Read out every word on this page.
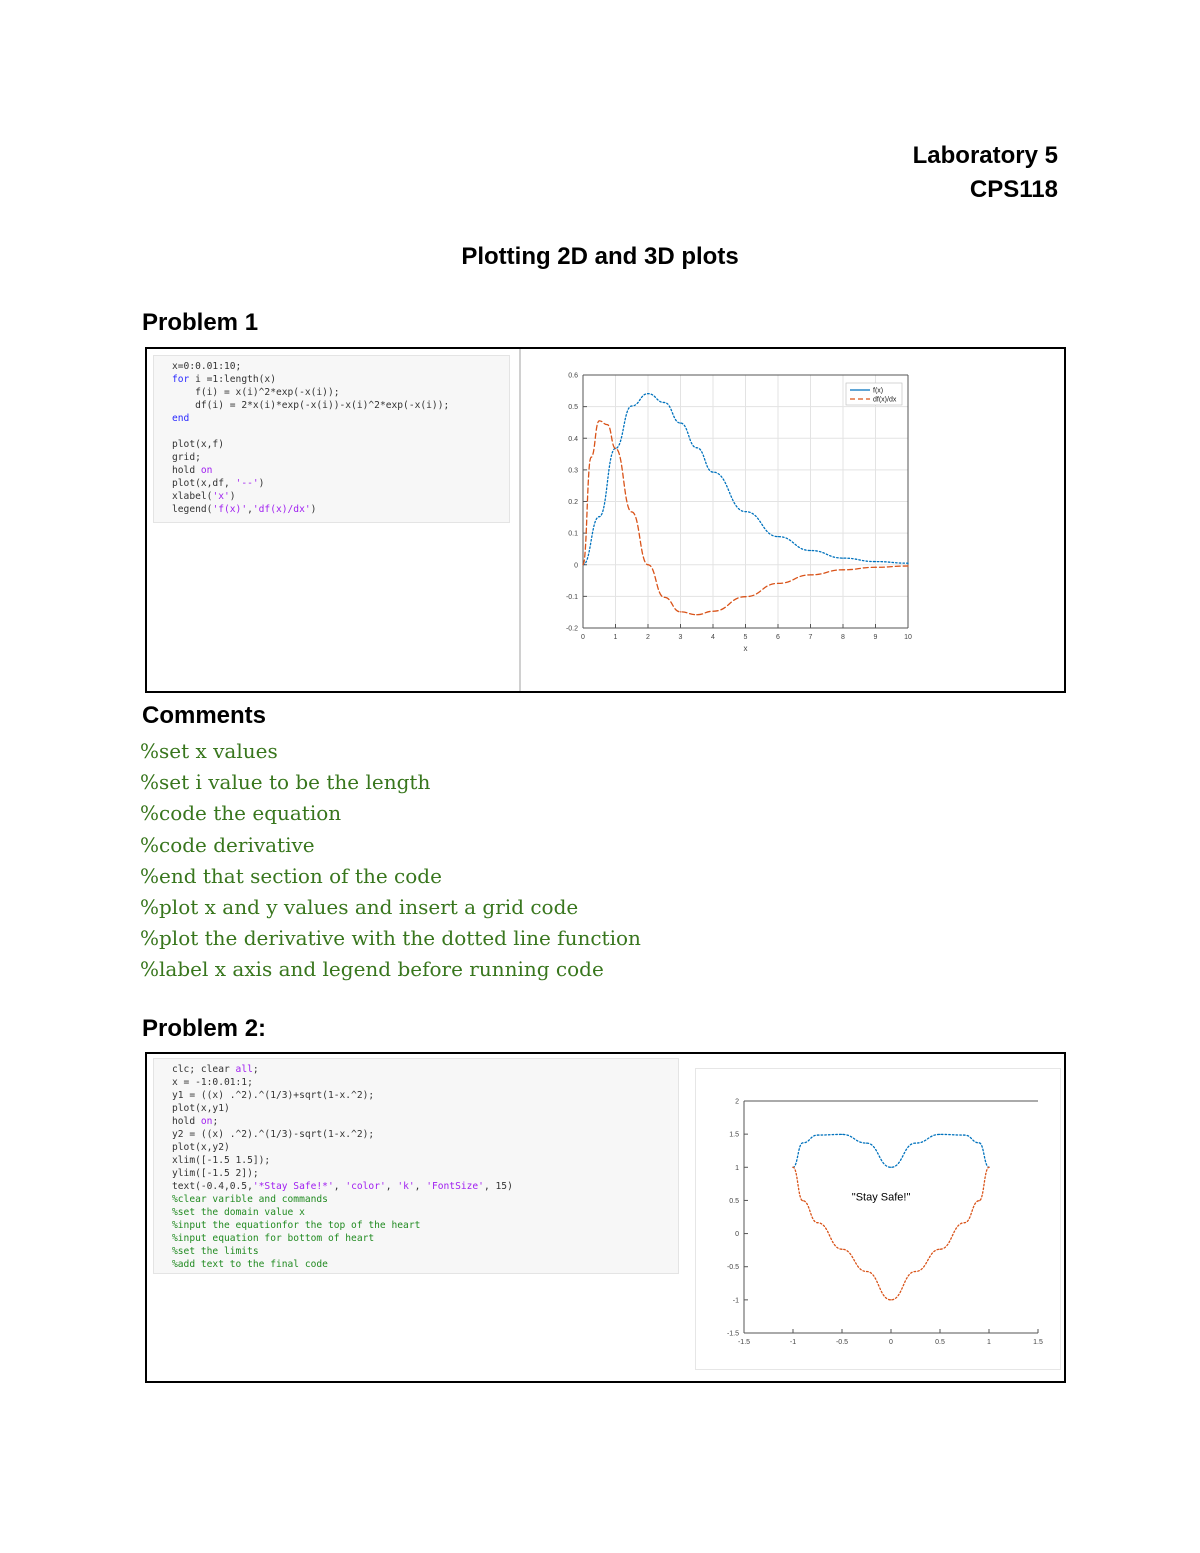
Laboratory 5
CPS118
Plotting 2D and 3D plots
Problem 1
x=0:0.01:10;
for i =1:length(x)
f(i) = x(i)^2*exp(-x(i));
df(i) = 2*x(i)*exp(-x(i))-x(i)^2*exp(-x(i));
end
plot(x,f)
grid;
hold on
plot(x,df, '--')
xlabel('x')
legend('f(x)','df(x)/dx')
0	1	2	3	4	5	6	7	8	9	10
-0.2
-0.1
0
0.1
0.2
0.3
0.4
0.5
0.6
x
f(x)
df(x)/dx
Comments
%set x values
%set i value to be the length
%code the equation
%code derivative
%end that section of the code
%plot x and y values and insert a grid code
%plot the derivative with the dotted line function
%label x axis and legend before running code
Problem 2:
clc; clear all;
x = -1:0.01:1;
y1 = ((x) .^2).^(1/3)+sqrt(1-x.^2);
plot(x,y1)
hold on;
y2 = ((x) .^2).^(1/3)-sqrt(1-x.^2);
plot(x,y2)
xlim([-1.5 1.5]);
ylim([-1.5 2]);
text(-0.4,0.5,'*Stay Safe!*', 'color', 'k', 'FontSize', 15)
%clear varible and commands
%set the domain value x
%input the equationfor the top of the heart
%input equation for bottom of heart
%set the limits
%add text to the final code
-1.5	-1	-0.5	0	0.5	1	1.5
-1.5
-1
-0.5
0
0.5
1
1.5
2
"Stay Safe!"
